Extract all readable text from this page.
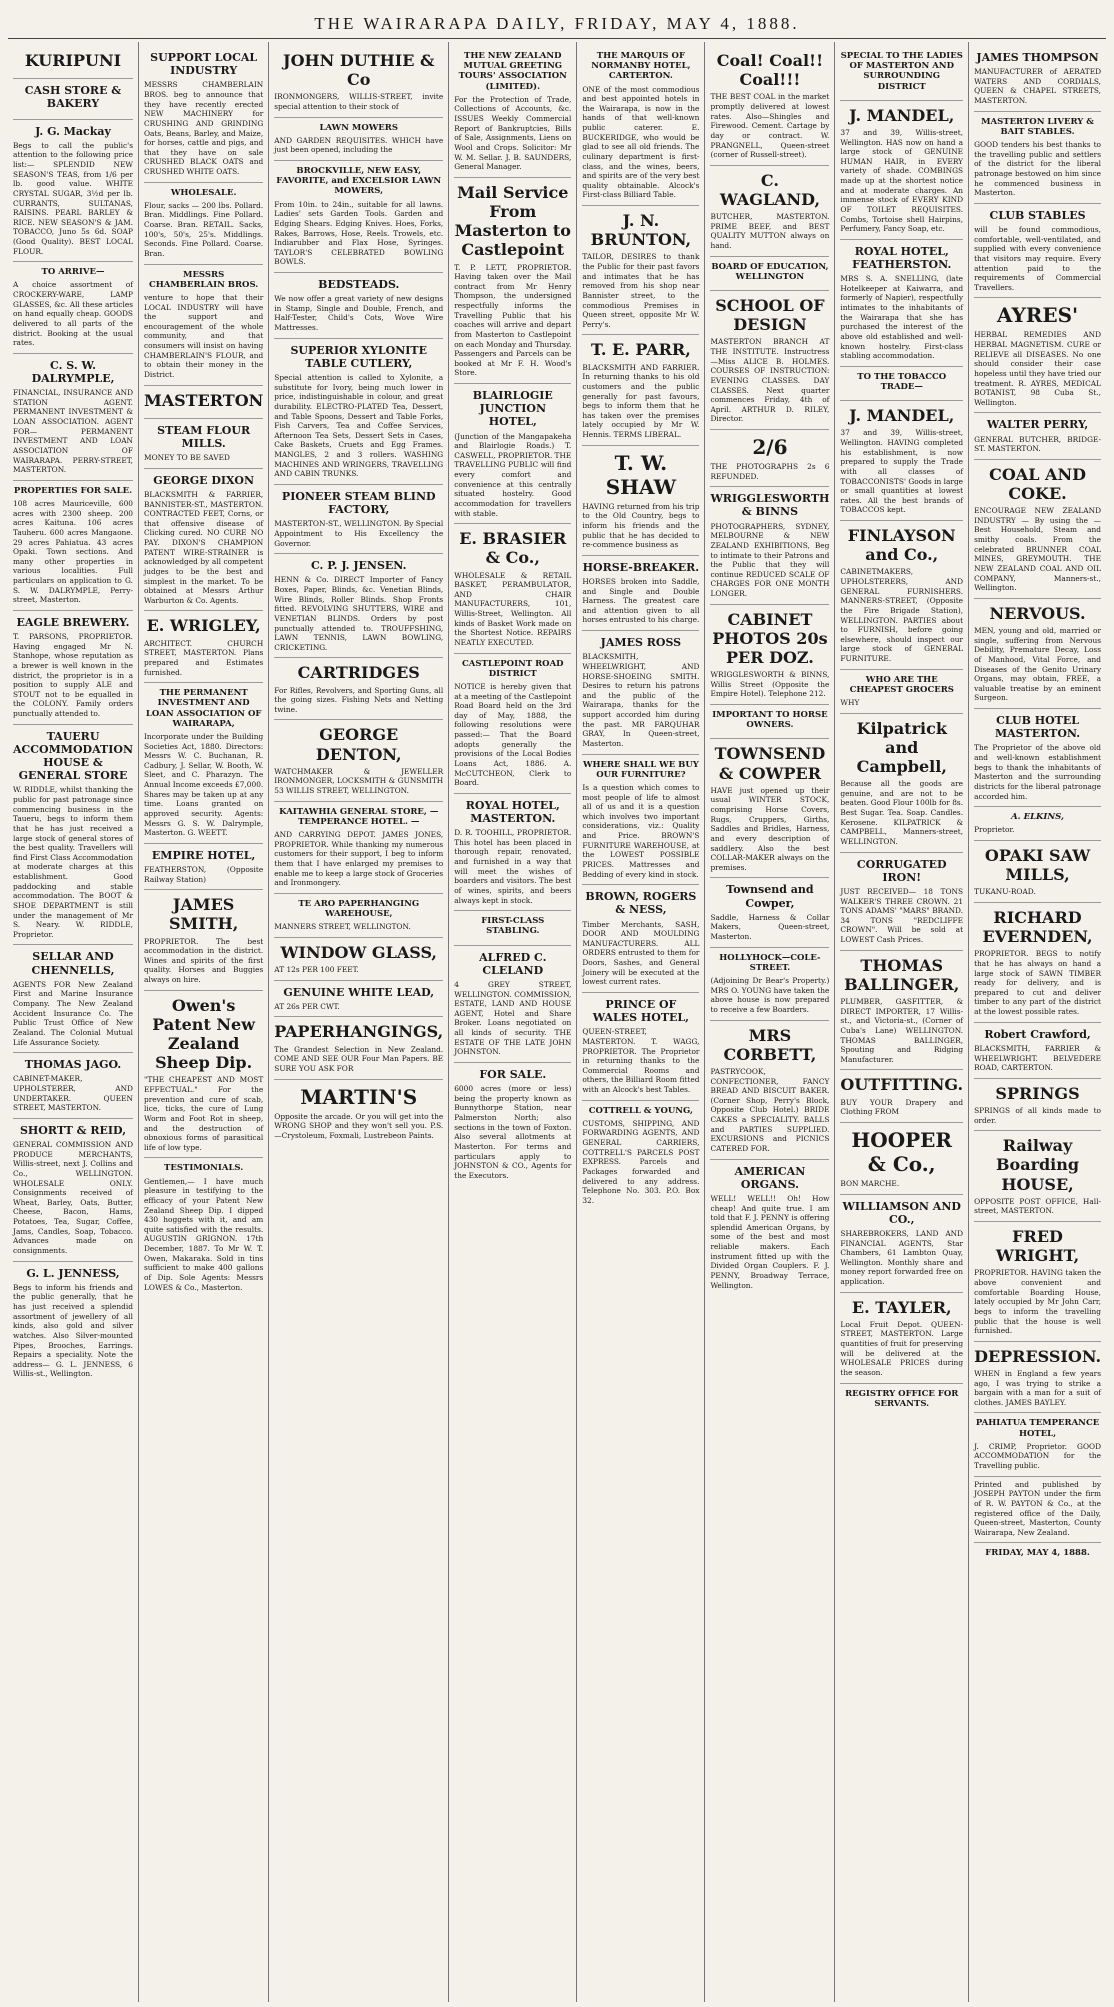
THE WAIRARAPA DAILY, FRIDAY, MAY 4, 1888.
KURIPUNI
CASH STORE & BAKERY
J. G. Mackay
Begs to call the public's attention to the following price list:— SPLENDID NEW SEASON'S TEAS, from 1/6 per lb. good value. WHITE CRYSTAL SUGAR, 3½d per lb. CURRANTS, SULTANAS, RAISINS. PEARL BARLEY & RICE. NEW SEASON'S & JAM. TOBACCO, Juno 5s 6d. SOAP (Good Quality). BEST LOCAL FLOUR.
TO ARRIVE—
A choice assortment of CROCKERY-WARE, LAMP GLASSES, &c. All these articles on hand equally cheap. GOODS delivered to all parts of the district. Booking at the usual rates.
C. S. W. DALRYMPLE,
FINANCIAL, INSURANCE AND STATION AGENT. PERMANENT INVESTMENT & LOAN ASSOCIATION. AGENT FOR— PERMANENT INVESTMENT AND LOAN ASSOCIATION OF WAIRARAPA. PERRY-STREET, MASTERTON.
PROPERTIES FOR SALE.
108 acres Mauriceville, 600 acres with 2300 sheep. 200 acres Kaituna. 106 acres Tauheru. 600 acres Mangaone. 29 acres Pahiatua. 43 acres Opaki. Town sections. And many other properties in various localities. Full particulars on application to G. S. W. DALRYMPLE, Perry-street, Masterton.
EAGLE BREWERY.
T. PARSONS, PROPRIETOR. Having engaged Mr N. Stanhope, whose reputation as a brewer is well known in the district, the proprietor is in a position to supply ALE and STOUT not to be equalled in the COLONY. Family orders punctually attended to.
TAUERU ACCOMMODATION HOUSE & GENERAL STORE
W. RIDDLE, whilst thanking the public for past patronage since commencing business in the Taueru, begs to inform them that he has just received a large stock of general stores of the best quality. Travellers will find First Class Accommodation at moderate charges at this establishment. Good paddocking and stable accommodation. The BOOT & SHOE DEPARTMENT is still under the management of Mr S. Neary. W. RIDDLE, Proprietor.
SELLAR AND CHENNELLS,
AGENTS FOR New Zealand First and Marine Insurance Company. The New Zealand Accident Insurance Co. The Public Trust Office of New Zealand. The Colonial Mutual Life Assurance Society.
THOMAS JAGO.
CABINET-MAKER, UPHOLSTERER, AND UNDERTAKER. QUEEN STREET, MASTERTON.
SHORTT & REID,
GENERAL COMMISSION AND PRODUCE MERCHANTS, Willis-street, next J. Collins and Co., WELLINGTON. WHOLESALE ONLY. Consignments received of Wheat, Barley, Oats, Butter, Cheese, Bacon, Hams, Potatoes, Tea, Sugar, Coffee, Jams, Candles, Soap, Tobacco. Advances made on consignments.
G. L. JENNESS,
Begs to inform his friends and the public generally, that he has just received a splendid assortment of jewellery of all kinds, also gold and silver watches. Also Silver-mounted Pipes, Brooches, Earrings. Repairs a speciality. Note the address— G. L. JENNESS, 6 Willis-st., Wellington.
SUPPORT LOCAL INDUSTRY
MESSRS CHAMBERLAIN BROS. beg to announce that they have recently erected NEW MACHINERY for CRUSHING AND GRINDING Oats, Beans, Barley, and Maize, for horses, cattle and pigs, and that they have on sale CRUSHED BLACK OATS and CRUSHED WHITE OATS.
WHOLESALE.
Flour, sacks — 200 lbs. Pollard. Bran. Middlings. Fine Pollard. Coarse. Bran. RETAIL. Sacks, 100's, 50's, 25's. Middlings. Seconds. Fine Pollard. Coarse. Bran.
MESSRS CHAMBERLAIN BROS.
venture to hope that their LOCAL INDUSTRY will have the support and encouragement of the whole community, and that consumers will insist on having CHAMBERLAIN'S FLOUR, and to obtain their money in the District.
MASTERTON
STEAM FLOUR MILLS.
MONEY TO BE SAVED
GEORGE DIXON
BLACKSMITH & FARRIER, BANNISTER-ST., MASTERTON. CONTRACTED FEET, Corns, or that offensive disease of Clicking cured. NO CURE NO PAY. DIXON'S CHAMPION PATENT WIRE-STRAINER is acknowledged by all competent judges to be the best and simplest in the market. To be obtained at Messrs Arthur Warburton & Co. Agents.
E. WRIGLEY,
ARCHITECT. CHURCH STREET, MASTERTON. Plans prepared and Estimates furnished.
THE PERMANENT INVESTMENT AND LOAN ASSOCIATION OF WAIRARAPA,
Incorporate under the Building Societies Act, 1880. Directors: Messrs W. C. Buchanan, R. Cadbury, J. Sellar, W. Booth, W. Sleet, and C. Pharazyn. The Annual Income exceeds £7,000. Shares may be taken up at any time. Loans granted on approved security. Agents: Messrs G. S. W. Dalrymple, Masterton. G. WEETT.
EMPIRE HOTEL,
FEATHERSTON, (Opposite Railway Station)
JAMES SMITH,
PROPRIETOR. The best accommodation in the district. Wines and spirits of the first quality. Horses and Buggies always on hire.
Owen's Patent New Zealand Sheep Dip.
"THE CHEAPEST AND MOST EFFECTUAL." For the prevention and cure of scab, lice, ticks, the cure of Lung Worm and Foot Rot in sheep, and the destruction of obnoxious forms of parasitical life of low type.
TESTIMONIALS.
Gentlemen,— I have much pleasure in testifying to the efficacy of your Patent New Zealand Sheep Dip. I dipped 430 hoggets with it, and am quite satisfied with the results. AUGUSTIN GRIGNON. 17th December, 1887. To Mr W. T. Owen, Makaraka. Sold in tins sufficient to make 400 gallons of Dip. Sole Agents: Messrs LOWES & Co., Masterton.
JOHN DUTHIE & Co
IRONMONGERS, WILLIS-STREET, invite special attention to their stock of
LAWN MOWERS
AND GARDEN REQUISITES. WHICH have just been opened, including the
BROCKVILLE, NEW EASY, FAVORITE, and EXCELSIOR LAWN MOWERS,
From 10in. to 24in., suitable for all lawns. Ladies' sets Garden Tools. Garden and Edging Shears. Edging Knives. Hoes, Forks, Rakes, Barrows, Hose, Reels. Trowels, etc. Indiarubber and Flax Hose, Syringes. TAYLOR'S CELEBRATED BOWLING BOWLS.
BEDSTEADS.
We now offer a great variety of new designs in Stamp, Single and Double, French, and Half-Tester, Child's Cots, Wove Wire Mattresses.
SUPERIOR XYLONITE TABLE CUTLERY,
Special attention is called to Xylonite, a substitute for Ivory, being much lower in price, indistinguishable in colour, and great durability. ELECTRO-PLATED Tea, Dessert, and Table Spoons, Dessert and Table Forks, Fish Carvers, Tea and Coffee Services, Afternoon Tea Sets, Dessert Sets in Cases, Cake Baskets, Cruets and Egg Frames. MANGLES, 2 and 3 rollers. WASHING MACHINES AND WRINGERS, TRAVELLING AND CABIN TRUNKS.
PIONEER STEAM BLIND FACTORY,
MASTERTON-ST., WELLINGTON. By Special Appointment to His Excellency the Governor.
C. P. J. JENSEN.
HENN & Co. DIRECT Importer of Fancy Boxes, Paper, Blinds, &c. Venetian Blinds, Wire Blinds, Roller Blinds. Shop Fronts fitted. REVOLVING SHUTTERS, WIRE and VENETIAN BLINDS. Orders by post punctually attended to. TROUFFSHING, LAWN TENNIS, LAWN BOWLING, CRICKETING.
CARTRIDGES
For Rifles, Revolvers, and Sporting Guns, all the going sizes. Fishing Nets and Netting twine.
GEORGE DENTON,
WATCHMAKER & JEWELLER IRONMONGER, LOCKSMITH & GUNSMITH 53 WILLIS STREET, WELLINGTON.
KAITAWHIA GENERAL STORE, — TEMPERANCE HOTEL. —
AND CARRYING DEPOT. JAMES JONES, PROPRIETOR. While thanking my numerous customers for their support, I beg to inform them that I have enlarged my premises to enable me to keep a large stock of Groceries and Ironmongery.
TE ARO PAPERHANGING WAREHOUSE,
MANNERS STREET, WELLINGTON.
WINDOW GLASS,
AT 12s PER 100 FEET.
GENUINE WHITE LEAD,
AT 26s PER CWT.
PAPERHANGINGS,
The Grandest Selection in New Zealand. COME AND SEE OUR Four Man Papers. BE SURE YOU ASK FOR
MARTIN'S
Opposite the arcade. Or you will get into the WRONG SHOP and they won't sell you. P.S.—Crystoleum, Foxmali, Lustrebeon Paints.
THE NEW ZEALAND MUTUAL GREETING TOURS' ASSOCIATION (LIMITED).
For the Protection of Trade, Collections of Accounts, &c. ISSUES Weekly Commercial Report of Bankruptcies, Bills of Sale, Assignments, Liens on Wool and Crops. Solicitor: Mr W. M. Sellar. J. B. SAUNDERS, General Manager.
Mail Service From Masterton to Castlepoint
T. P. LETT, PROPRIETOR. Having taken over the Mail contract from Mr Henry Thompson, the undersigned respectfully informs the Travelling Public that his coaches will arrive and depart from Masterton to Castlepoint on each Monday and Thursday. Passengers and Parcels can be booked at Mr F. H. Wood's Store.
BLAIRLOGIE JUNCTION HOTEL,
(Junction of the Mangapakeha and Blairlogie Roads.) T. CASWELL, PROPRIETOR. THE TRAVELLING PUBLIC will find every comfort and convenience at this centrally situated hostelry. Good accommodation for travellers with stable.
E. BRASIER & Co.,
WHOLESALE & RETAIL BASKET, PERAMBULATOR, AND CHAIR MANUFACTURERS, 101, Willis-Street, Wellington. All kinds of Basket Work made on the Shortest Notice. REPAIRS NEATLY EXECUTED.
CASTLEPOINT ROAD DISTRICT
NOTICE is hereby given that at a meeting of the Castlepoint Road Board held on the 3rd day of May, 1888, the following resolutions were passed:— That the Board adopts generally the provisions of the Local Bodies Loans Act, 1886. A. McCUTCHEON, Clerk to Board.
ROYAL HOTEL, MASTERTON.
D. R. TOOHILL, PROPRIETOR. This hotel has been placed in thorough repair, renovated, and furnished in a way that will meet the wishes of boarders and visitors. The best of wines, spirits, and beers always kept in stock.
FIRST-CLASS STABLING.
ALFRED C. CLELAND
4 GREY STREET, WELLINGTON. COMMISSION, ESTATE, LAND AND HOUSE AGENT, Hotel and Share Broker. Loans negotiated on all kinds of security. THE ESTATE OF THE LATE JOHN JOHNSTON.
FOR SALE.
6000 acres (more or less) being the property known as Bunnythorpe Station, near Palmerston North; also sections in the town of Foxton. Also several allotments at Masterton. For terms and particulars apply to JOHNSTON & CO., Agents for the Executors.
THE MARQUIS OF NORMANBY HOTEL, CARTERTON.
ONE of the most commodious and best appointed hotels in the Wairarapa, is now in the hands of that well-known public caterer. E. BUCKERIDGE, who would be glad to see all old friends. The culinary department is first-class, and the wines, beers, and spirits are of the very best quality obtainable. Alcock's First-class Billiard Table.
J. N. BRUNTON,
TAILOR, DESIRES to thank the Public for their past favors and intimates that he has removed from his shop near Bannister street, to the commodious Premises in Queen street, opposite Mr W. Perry's.
T. E. PARR,
BLACKSMITH AND FARRIER. In returning thanks to his old customers and the public generally for past favours, begs to inform them that he has taken over the premises lately occupied by Mr W. Hennis. TERMS LIBERAL.
T. W. SHAW
HAVING returned from his trip to the Old Country, begs to inform his friends and the public that he has decided to re-commence business as
HORSE-BREAKER.
HORSES broken into Saddle, and Single and Double Harness. The greatest care and attention given to all horses entrusted to his charge.
JAMES ROSS
BLACKSMITH, WHEELWRIGHT, AND HORSE-SHOEING SMITH. Desires to return his patrons and the public of the Wairarapa, thanks for the support accorded him during the past. MR FARQUHAR GRAY, In Queen-street, Masterton.
WHERE SHALL WE BUY OUR FURNITURE?
Is a question which comes to most people of life to almost all of us and it is a question which involves two important considerations, viz.: Quality and Price. BROWN'S FURNITURE WAREHOUSE, at the LOWEST POSSIBLE PRICES. Mattresses and Bedding of every kind in stock.
BROWN, ROGERS & NESS,
Timber Merchants, SASH, DOOR AND MOULDING MANUFACTURERS. ALL ORDERS entrusted to them for Doors, Sashes, and General Joinery will be executed at the lowest current rates.
PRINCE OF WALES HOTEL,
QUEEN-STREET, MASTERTON. T. WAGG, PROPRIETOR. The Proprietor in returning thanks to the Commercial Rooms and others, the Billiard Room fitted with an Alcock's best Tables.
COTTRELL & YOUNG,
CUSTOMS, SHIPPING, AND FORWARDING AGENTS, AND GENERAL CARRIERS, COTTRELL'S PARCELS POST EXPRESS. Parcels and Packages forwarded and delivered to any address. Telephone No. 303. P.O. Box 32.
Coal! Coal!! Coal!!!
THE BEST COAL in the market promptly delivered at lowest rates. Also—Shingles and Firewood. Cement. Cartage by day or contract. W. PRANGNELL, Queen-street (corner of Russell-street).
C. WAGLAND,
BUTCHER, MASTERTON. PRIME BEEF, and BEST QUALITY MUTTON always on hand.
BOARD OF EDUCATION, WELLINGTON
SCHOOL OF DESIGN
MASTERTON BRANCH AT THE INSTITUTE. Instructress—Miss ALICE B. HOLMES. COURSES OF INSTRUCTION: EVENING CLASSES. DAY CLASSES. Next quarter commences Friday, 4th of April. ARTHUR D. RILEY, Director.
2/6
THE PHOTOGRAPHS 2s 6 REFUNDED.
WRIGGLESWORTH & BINNS
PHOTOGRAPHERS, SYDNEY, MELBOURNE & NEW ZEALAND EXHIBITIONS, Beg to intimate to their Patrons and the Public that they will continue REDUCED SCALE OF CHARGES FOR ONE MONTH LONGER.
CABINET PHOTOS 20s PER DOZ.
WRIGGLESWORTH & BINNS, Willis Street (Opposite the Empire Hotel). Telephone 212.
IMPORTANT TO HORSE OWNERS.
TOWNSEND & COWPER
HAVE just opened up their usual WINTER STOCK, comprising Horse Covers, Rugs, Cruppers, Girths, Saddles and Bridles, Harness, and every description of saddlery. Also the best COLLAR-MAKER always on the premises.
Townsend and Cowper,
Saddle, Harness & Collar Makers, Queen-street, Masterton.
HOLLYHOCK—COLE-STREET.
(Adjoining Dr Bear's Property.) MRS O. YOUNG have taken the above house is now prepared to receive a few Boarders.
MRS CORBETT,
PASTRYCOOK, CONFECTIONER, FANCY BREAD AND BISCUIT BAKER. (Corner Shop, Perry's Block, Opposite Club Hotel.) BRIDE CAKES a SPECIALITY. BALLS and PARTIES SUPPLIED. EXCURSIONS and PICNICS CATERED FOR.
AMERICAN ORGANS.
WELL! WELL!! Oh! How cheap! And quite true. I am told that F. J. PENNY is offering splendid American Organs, by some of the best and most reliable makers. Each instrument fitted up with the Divided Organ Couplers. F. J. PENNY, Broadway Terrace, Wellington.
SPECIAL TO THE LADIES OF MASTERTON AND SURROUNDING DISTRICT
J. MANDEL,
37 and 39, Willis-street, Wellington. HAS now on hand a large stock of GENUINE HUMAN HAIR, in EVERY variety of shade. COMBINGS made up at the shortest notice and at moderate charges. An immense stock of EVERY KIND OF TOILET REQUISITES. Combs, Tortoise shell Hairpins, Perfumery, Fancy Soap, etc.
ROYAL HOTEL, FEATHERSTON.
MRS S. A. SNELLING, (late Hotelkeeper at Kaiwarra, and formerly of Napier), respectfully intimates to the inhabitants of the Wairarapa that she has purchased the interest of the above old established and well-known hostelry. First-class stabling accommodation.
TO THE TOBACCO TRADE—
J. MANDEL,
37 and 39, Willis-street, Wellington. HAVING completed his establishment, is now prepared to supply the Trade with all classes of TOBACCONISTS' Goods in large or small quantities at lowest rates. All the best brands of TOBACCOS kept.
FINLAYSON and Co.,
CABINETMAKERS, UPHOLSTERERS, AND GENERAL FURNISHERS. MANNERS-STREET, (Opposite the Fire Brigade Station), WELLINGTON. PARTIES about to FURNISH, before going elsewhere, should inspect our large stock of GENERAL FURNITURE.
WHO ARE THE CHEAPEST GROCERS
WHY
Kilpatrick and Campbell,
Because all the goods are genuine, and are not to be beaten. Good Flour 100lb for 8s. Best Sugar. Tea. Soap. Candles. Kerosene. KILPATRICK & CAMPBELL, Manners-street, WELLINGTON.
CORRUGATED IRON!
JUST RECEIVED— 18 TONS WALKER'S THREE CROWN. 21 TONS ADAMS' "MARS" BRAND. 34 TONS "REDCLIFFE CROWN". Will be sold at LOWEST Cash Prices.
THOMAS BALLINGER,
PLUMBER, GASFITTER, & DIRECT IMPORTER, 17 Willis-st., and Victoria-st., (Corner of Cuba's Lane) WELLINGTON. THOMAS BALLINGER, Spouting and Ridging Manufacturer.
OUTFITTING.
BUY YOUR Drapery and Clothing FROM
HOOPER & Co.,
BON MARCHE.
WILLIAMSON AND CO.,
SHAREBROKERS, LAND AND FINANCIAL AGENTS, Star Chambers, 61 Lambton Quay, Wellington. Monthly share and money report forwarded free on application.
E. TAYLER,
Local Fruit Depot. QUEEN-STREET, MASTERTON. Large quantities of fruit for preserving will be delivered at the WHOLESALE PRICES during the season.
REGISTRY OFFICE FOR SERVANTS.
JAMES THOMPSON
MANUFACTURER of AERATED WATERS AND CORDIALS, QUEEN & CHAPEL STREETS, MASTERTON.
MASTERTON LIVERY & BAIT STABLES.
GOOD tenders his best thanks to the travelling public and settlers of the district for the liberal patronage bestowed on him since he commenced business in Masterton.
CLUB STABLES
will be found commodious, comfortable, well-ventilated, and supplied with every convenience that visitors may require. Every attention paid to the requirements of Commercial Travellers.
AYRES'
HERBAL REMEDIES AND HERBAL MAGNETISM. CURE or RELIEVE all DISEASES. No one should consider their case hopeless until they have tried our treatment. R. AYRES, MEDICAL BOTANIST, 98 Cuba St., Wellington.
WALTER PERRY,
GENERAL BUTCHER, BRIDGE-ST. MASTERTON.
COAL AND COKE.
ENCOURAGE NEW ZEALAND INDUSTRY — By using the — Best Household, Steam and smithy coals. From the celebrated BRUNNER COAL MINES, GREYMOUTH. THE NEW ZEALAND COAL AND OIL COMPANY, Manners-st., Wellington.
NERVOUS.
MEN, young and old, married or single, suffering from Nervous Debility, Premature Decay, Loss of Manhood, Vital Force, and Diseases of the Genito Urinary Organs, may obtain, FREE, a valuable treatise by an eminent Surgeon.
CLUB HOTEL MASTERTON.
The Proprietor of the above old and well-known establishment begs to thank the inhabitants of Masterton and the surrounding districts for the liberal patronage accorded him.
A. ELKINS,
Proprietor.
OPAKI SAW MILLS,
TUKANU-ROAD.
RICHARD EVERNDEN,
PROPRIETOR. BEGS to notify that he has always on hand a large stock of SAWN TIMBER ready for delivery, and is prepared to cut and deliver timber to any part of the district at the lowest possible rates.
Robert Crawford,
BLACKSMITH, FARRIER & WHEELWRIGHT. BELVEDERE ROAD, CARTERTON.
SPRINGS
SPRINGS of all kinds made to order.
Railway Boarding HOUSE,
OPPOSITE POST OFFICE, Hall-street, MASTERTON.
FRED WRIGHT,
PROPRIETOR. HAVING taken the above convenient and comfortable Boarding House, lately occupied by Mr John Carr, begs to inform the travelling public that the house is well furnished.
DEPRESSION.
WHEN in England a few years ago, I was trying to strike a bargain with a man for a suit of clothes. JAMES BAYLEY.
PAHIATUA TEMPERANCE HOTEL,
J. CRIMP, Proprietor. GOOD ACCOMMODATION for the Travelling public.
Printed and published by JOSEPH PAYTON under the firm of R. W. PAYTON & Co., at the registered office of the Daily, Queen-street, Masterton, County Wairarapa, New Zealand.
FRIDAY, MAY 4, 1888.
